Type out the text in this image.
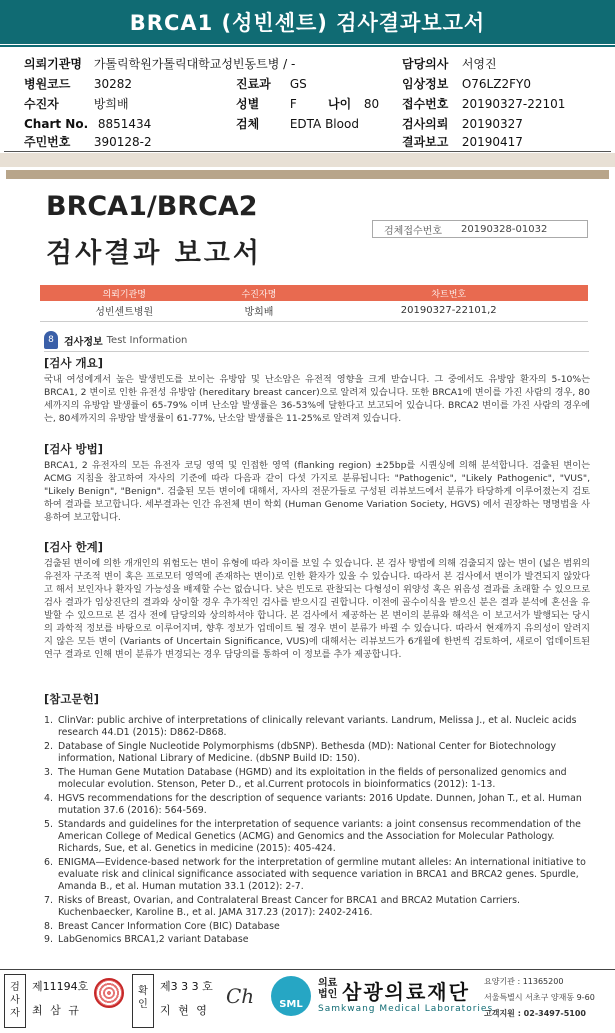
BRCA1 (성빈센트) 검사결과보고서
의뢰기관명 가톨릭학원가톨릭대학교성빈동트병 / -	담당의사 서영진
병원코드 30282	진료과 GS	임상정보 O76LZ2FY0
수진자	방희배	성별	F	나이 80 접수번호 20190327-22101
Chart No. 8851434	검체	EDTA Blood	검사의뢰 20190327
주민번호 390128-2	결과보고 20190417
BRCA1/BRCA2
검사결과 보고서
검체접수번호	20190328-01032
의뢰기관명	수진자명	차트번호
성빈센트병원	방희배	20190327-22101,2
8	검사정보 Test Information
[검사 개요]
국내 여성에게서 높은 발생빈도를 보이는 유방암 및 난소암은 유전적 영향을 크게 받습니다. 그 중에서도 유방암 환자의 5-10%는 BRCA1, 2 변이로 인한 유전성 유방암 (hereditary breast cancer)으로 알려져 있습니다. 또한 BRCA1에 변이를 가진 사람의 경우, 80세까지의 유방암 발생률이 65-79% 이며 난소암 발생률은 36-53%에 달한다고 보고되어 있습니다. BRCA2 변이를 가진 사람의 경우에는, 80세까지의 유방암 발생률이 61-77%, 난소암 발생률은 11-25%로 알려져 있습니다.
[검사 방법]
BRCA1, 2 유전자의 모든 유전자 코딩 영역 및 인접한 영역 (flanking region) ±25bp를 시퀀싱에 의해 분석합니다. 검출된 변이는 ACMG 지침을 참고하여 자사의 기준에 따라 다음과 같이 다섯 가지로 분류됩니다: "Pathogenic", "Likely Pathogenic", "VUS", "Likely Benign", "Benign". 검출된 모든 변이에 대해서, 자사의 전문가들로 구성된 리뷰보드에서 분류가 타당하게 이루어졌는지 검토하여 결과를 보고합니다. 세부결과는 인간 유전체 변이 학회 (Human Genome Variation Society, HGVS) 에서 권장하는 명명법을 사용하여 보고합니다.
[검사 한계]
검출된 변이에 의한 개개인의 위험도는 변이 유형에 따라 차이를 보일 수 있습니다. 본 검사 방법에 의해 검출되지 않는 변이 (넓은 범위의 유전자 구조적 변이 혹은 프로모터 영역에 존재하는 변이)로 인한 환자가 있을 수 있습니다. 따라서 본 검사에서 변이가 발견되지 않았다고 해서 보인자나 환자일 가능성을 배제할 수는 없습니다. 낮은 빈도로 관찰되는 다형성이 위양성 혹은 위음성 결과를 초래할 수 있으므로 검사 결과가 임상진단의 결과와 상이할 경우 추가적인 검사를 받으시길 권합니다. 이전에 골수이식을 받으신 분은 결과 분석에 혼선을 유발할 수 있으므로 본 검사 전에 담당의와 상의하셔야 합니다. 본 검사에서 제공하는 본 변이의 분류와 해석은 이 보고서가 발행되는 당시의 과학적 정보를 바탕으로 이루어지며, 향후 정보가 업데이트 될 경우 변이 분류가 바뀔 수 있습니다. 따라서 현재까지 유의성이 알려지지 않은 모든 변이 (Variants of Uncertain Significance, VUS)에 대해서는 리뷰보드가 6개월에 한번씩 검토하여, 새로이 업데이트된 연구 결과로 인해 변이 분류가 변경되는 경우 담당의를 통하여 이 정보를 추가 제공합니다.
[참고문헌]
1. ClinVar: public archive of interpretations of clinically relevant variants. Landrum, Melissa J., et al. Nucleic acids research 44.D1 (2015): D862-D868.
2. Database of Single Nucleotide Polymorphisms (dbSNP). Bethesda (MD): National Center for Biotechnology information, National Library of Medicine. (dbSNP Build ID: 150).
3. The Human Gene Mutation Database (HGMD) and its exploitation in the fields of personalized genomics and molecular evolution. Stenson, Peter D., et al.Current protocols in bioinformatics (2012): 1-13.
4. HGVS recommendations for the description of sequence variants: 2016 Update. Dunnen, Johan T., et al. Human mutation 37.6 (2016): 564-569.
5. Standards and guidelines for the interpretation of sequence variants: a joint consensus recommendation of the American College of Medical Genetics (ACMG) and Genomics and the Association for Molecular Pathology. Richards, Sue, et al. Genetics in medicine (2015): 405-424.
6. ENIGMA—Evidence-based network for the interpretation of germline mutant alleles: An international initiative to evaluate risk and clinical significance associated with sequence variation in BRCA1 and BRCA2 genes. Spurdle, Amanda B., et al. Human mutation 33.1 (2012): 2-7.
7. Risks of Breast, Ovarian, and Contralateral Breast Cancer for BRCA1 and BRCA2 Mutation Carriers. Kuchenbaecker, Karoline B., et al. JAMA 317.23 (2017): 2402-2416.
8. Breast Cancer Information Core (BIC) Database
9. LabGenomics BRCA1,2 variant Database
검사자
제11194호
최 삼 규
확인
제3 3 3 호
지 현 영
Ch	SML
의료
법인 삼광의료재단
Samkwang Medical Laboratories
요양기관 : 11365200
서울특별시 서초구 양재동 9-60
고객지원 : 02-3497-5100
